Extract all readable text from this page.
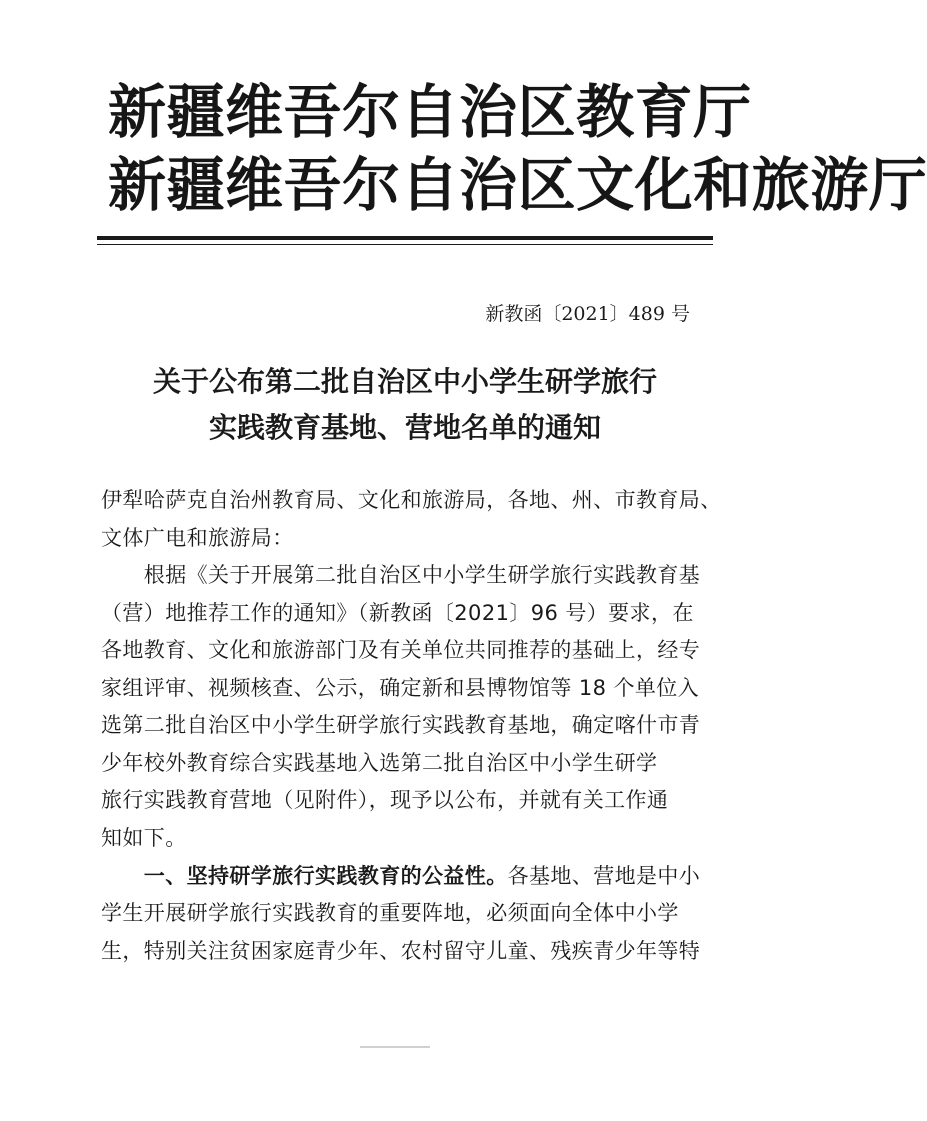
新 疆 维 吾 尔 自 治 区 教 育 厅
新 疆 维 吾 尔 自 治 区 文 化 和 旅 游 厅
新教函〔2021〕489 号
关于公布第二批自治区中小学生研学旅行
实践教育基地、营地名单的通知
伊犁哈萨克自治州教育局、文化和旅游局，各地、州、市教育局、
文体广电和旅游局：
　　根据《关于开展第二批自治区中小学生研学旅行实践教育基
（营）地推荐工作的通知》（新教函〔2021〕96 号）要求，在
各地教育、文化和旅游部门及有关单位共同推荐的基础上，经专
家组评审、视频核查、公示，确定新和县博物馆等 18 个单位入
选第二批自治区中小学生研学旅行实践教育基地，确定喀什市青
少年校外教育综合实践基地入选第二批自治区中小学生研学
旅行实践教育营地（见附件），现予以公布，并就有关工作通
知如下。
　　一、坚持研学旅行实践教育的公益性。各基地、营地是中小
学生开展研学旅行实践教育的重要阵地，必须面向全体中小学
生，特别关注贫困家庭青少年、农村留守儿童、残疾青少年等特
